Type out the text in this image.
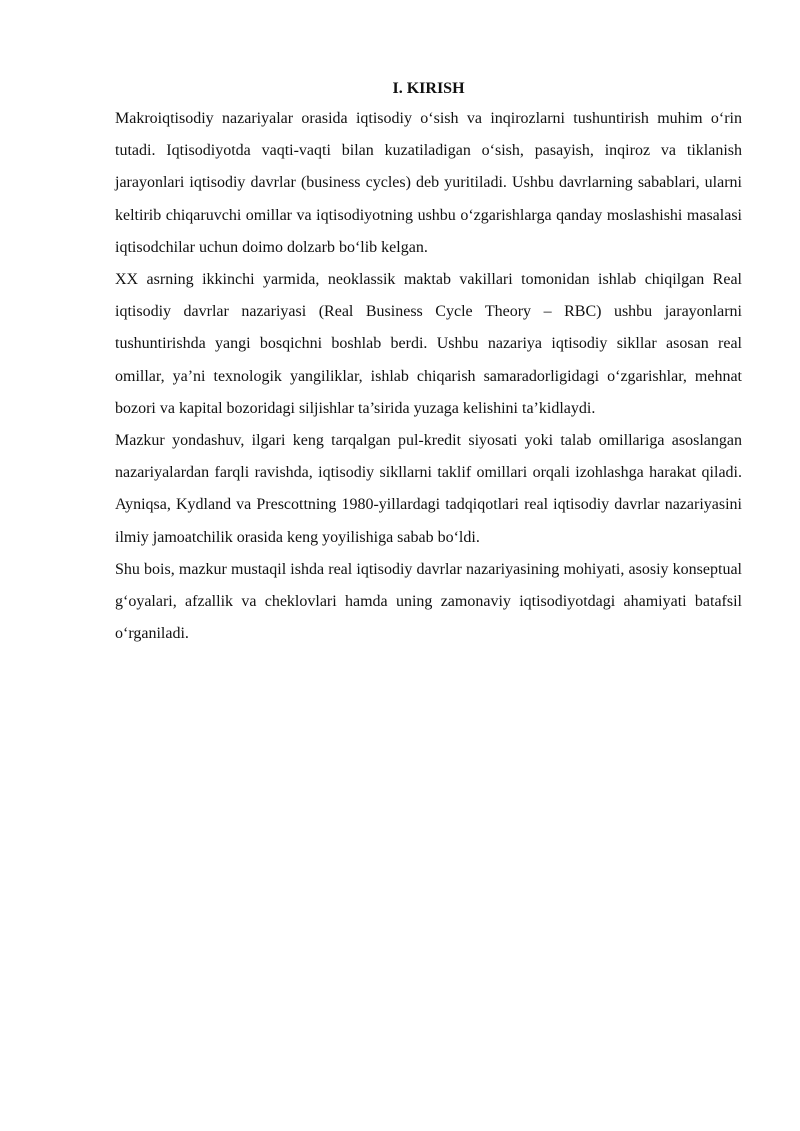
I. KIRISH

Makroiqtisodiy nazariyalar orasida iqtisodiy o‘sish va inqirozlarni tushuntirish muhim o‘rin tutadi. Iqtisodiyotda vaqti-vaqti bilan kuzatiladigan o‘sish, pasayish, inqiroz va tiklanish jarayonlari iqtisodiy davrlar (business cycles) deb yuritiladi. Ushbu davrlarning sabablari, ularni keltirib chiqaruvchi omillar va iqtisodiyotning ushbu o‘zgarishlarga qanday moslashishi masalasi iqtisodchilar uchun doimo dolzarb bo‘lib kelgan.

XX asrning ikkinchi yarmida, neoklassik maktab vakillari tomonidan ishlab chiqilgan Real iqtisodiy davrlar nazariyasi (Real Business Cycle Theory – RBC) ushbu jarayonlarni tushuntirishda yangi bosqichni boshlab berdi. Ushbu nazariya iqtisodiy sikllar asosan real omillar, ya’ni texnologik yangiliklar, ishlab chiqarish samaradorligidagi o‘zgarishlar, mehnat bozori va kapital bozoridagi siljishlar ta’sirida yuzaga kelishini ta’kidlaydi.

Mazkur yondashuv, ilgari keng tarqalgan pul-kredit siyosati yoki talab omillariga asoslangan nazariyalardan farqli ravishda, iqtisodiy sikllarni taklif omillari orqali izohlashga harakat qiladi. Ayniqsa, Kydland va Prescottning 1980-yillardagi tadqiqotlari real iqtisodiy davrlar nazariyasini ilmiy jamoatchilik orasida keng yoyilishiga sabab bo‘ldi.

Shu bois, mazkur mustaqil ishda real iqtisodiy davrlar nazariyasining mohiyati, asosiy konseptual g‘oyalari, afzallik va cheklovlari hamda uning zamonaviy iqtisodiyotdagi ahamiyati batafsil o‘rganiladi.
